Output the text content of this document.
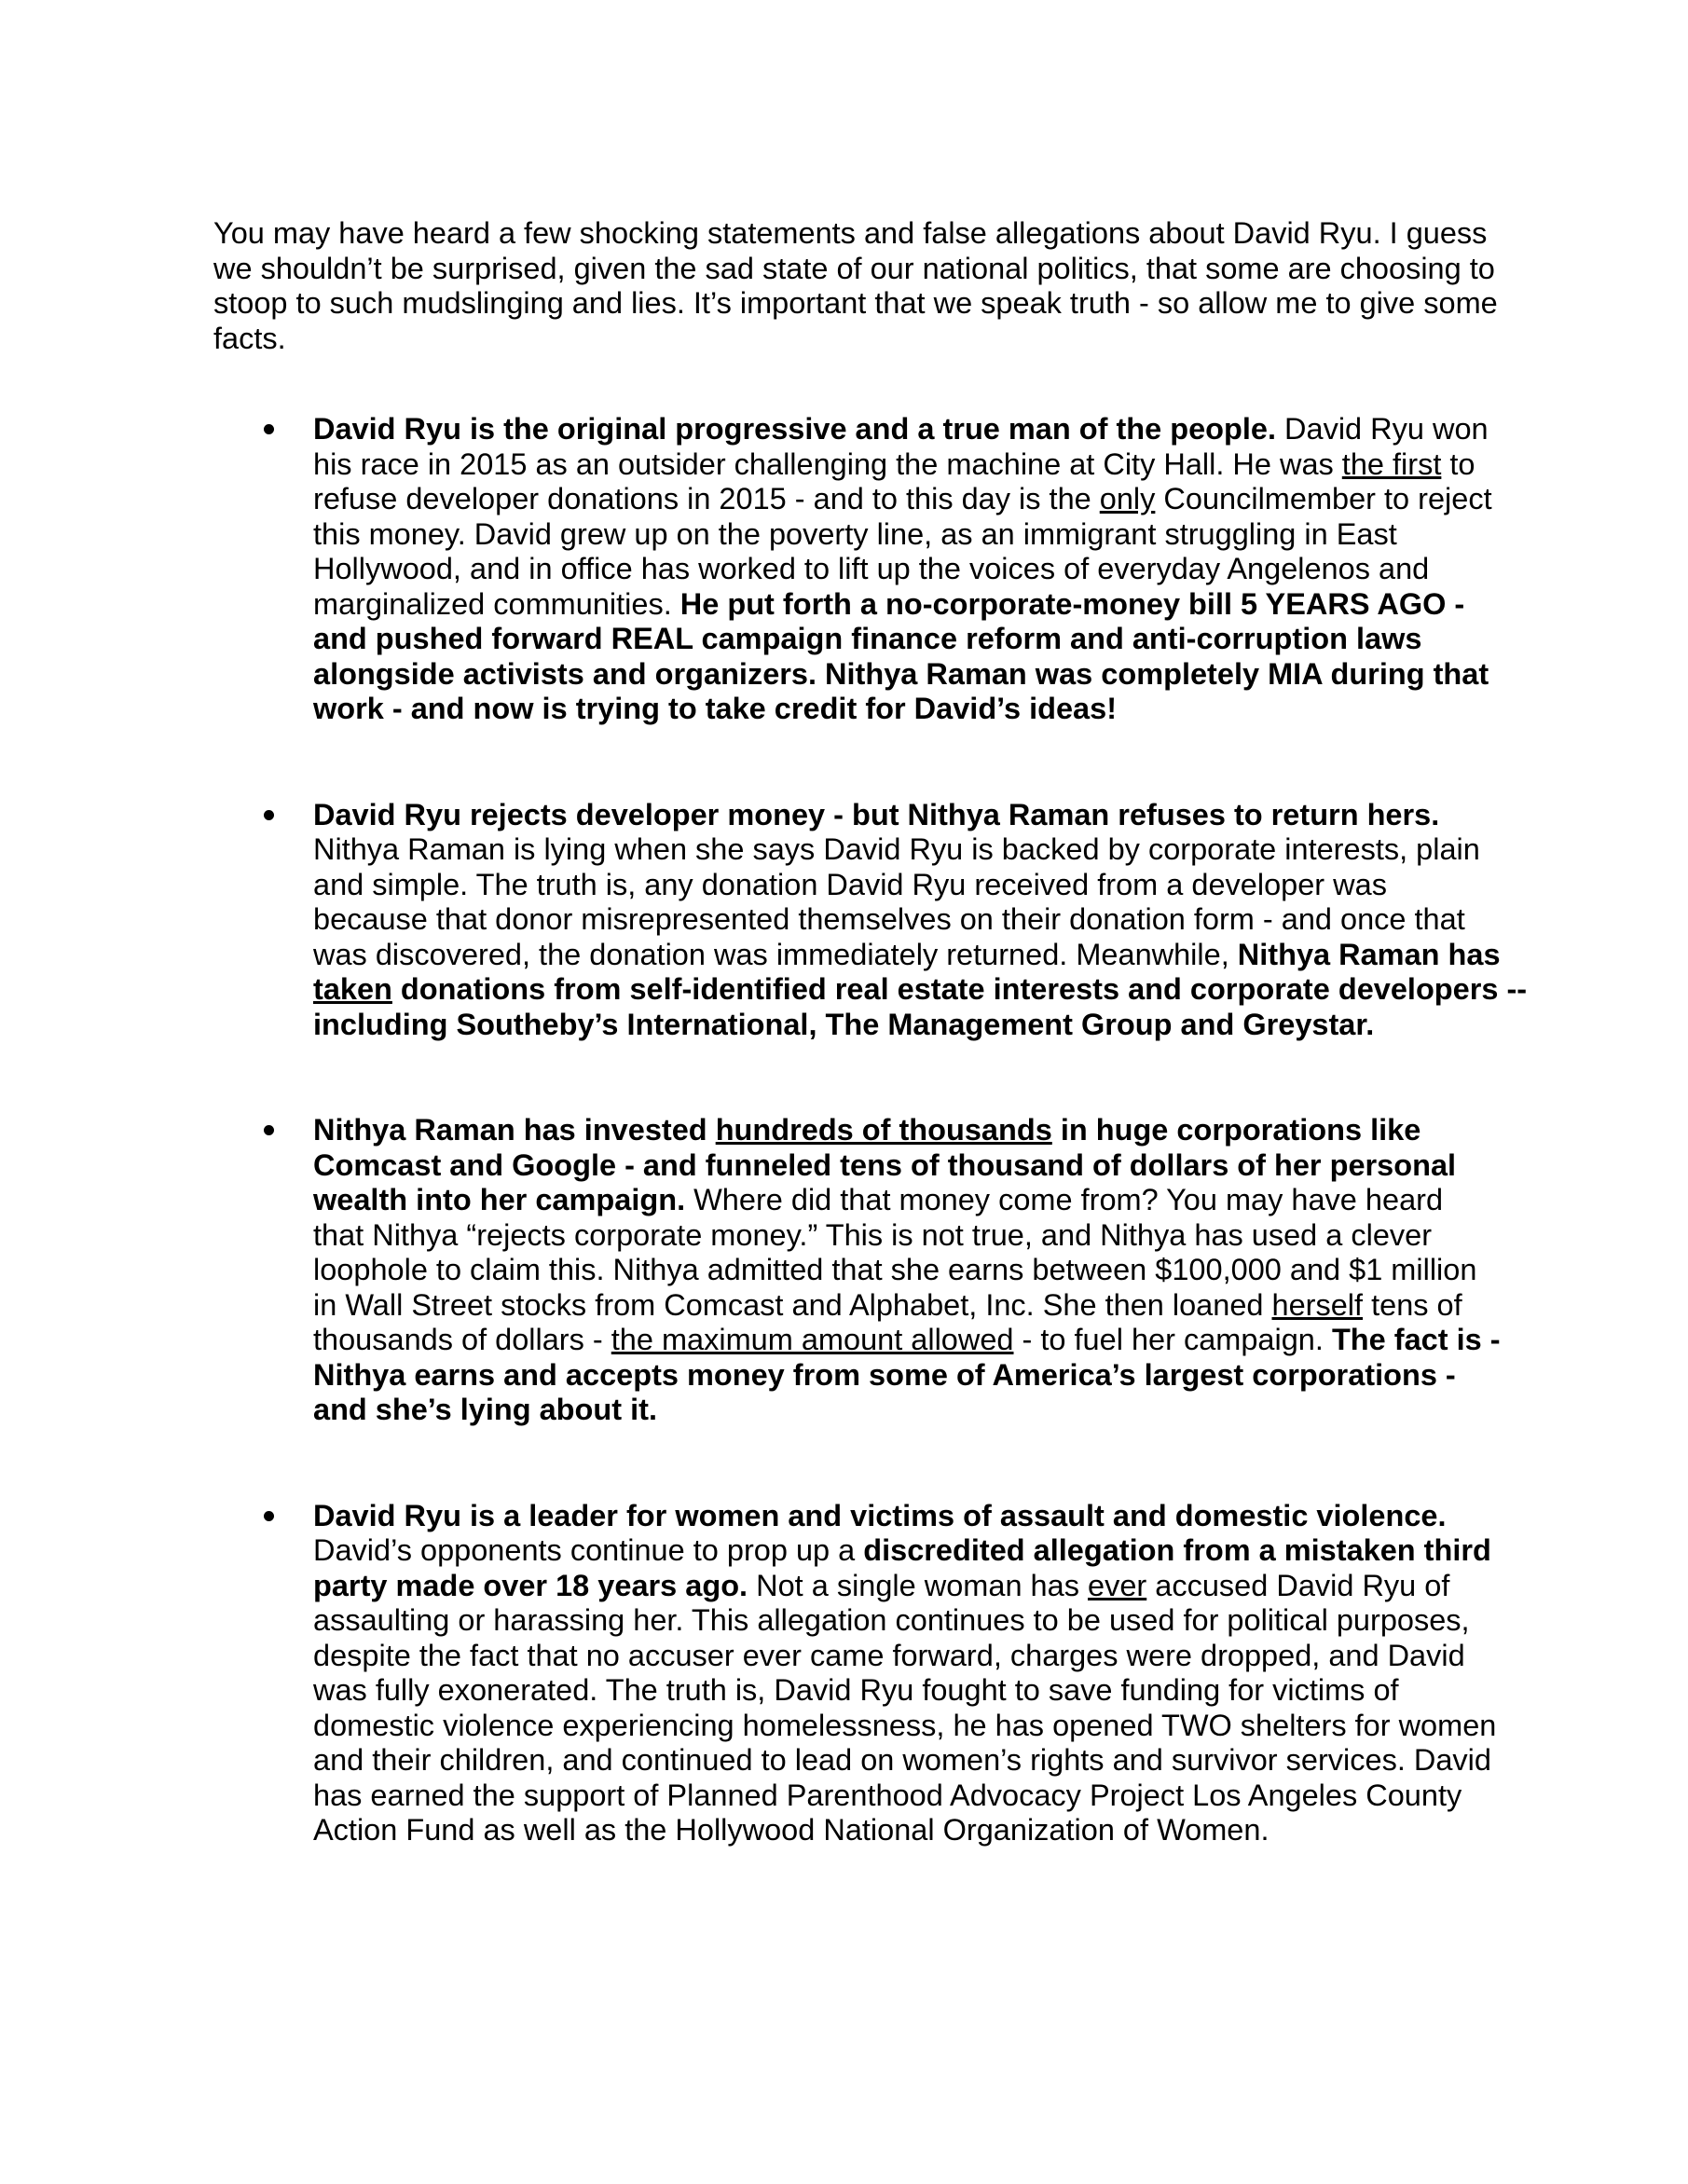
You may have heard a few shocking statements and false allegations about David Ryu. I guess
we shouldn’t be surprised, given the sad state of our national politics, that some are choosing to
stoop to such mudslinging and lies. It’s important that we speak truth - so allow me to give some
facts.
David Ryu is the original progressive and a true man of the people. David Ryu won
his race in 2015 as an outsider challenging the machine at City Hall. He was the first to
refuse developer donations in 2015 - and to this day is the only Councilmember to reject
this money. David grew up on the poverty line, as an immigrant struggling in East
Hollywood, and in office has worked to lift up the voices of everyday Angelenos and
marginalized communities. He put forth a no-corporate-money bill 5 YEARS AGO -
and pushed forward REAL campaign finance reform and anti-corruption laws
alongside activists and organizers. Nithya Raman was completely MIA during that
work - and now is trying to take credit for David’s ideas!
David Ryu rejects developer money - but Nithya Raman refuses to return hers.
Nithya Raman is lying when she says David Ryu is backed by corporate interests, plain
and simple. The truth is, any donation David Ryu received from a developer was
because that donor misrepresented themselves on their donation form - and once that
was discovered, the donation was immediately returned. Meanwhile, Nithya Raman has
taken donations from self-identified real estate interests and corporate developers --
including Southeby’s International, The Management Group and Greystar.
Nithya Raman has invested hundreds of thousands in huge corporations like
Comcast and Google - and funneled tens of thousand of dollars of her personal
wealth into her campaign. Where did that money come from? You may have heard
that Nithya “rejects corporate money.” This is not true, and Nithya has used a clever
loophole to claim this. Nithya admitted that she earns between $100,000 and $1 million
in Wall Street stocks from Comcast and Alphabet, Inc. She then loaned herself tens of
thousands of dollars - the maximum amount allowed - to fuel her campaign. The fact is -
Nithya earns and accepts money from some of America’s largest corporations -
and she’s lying about it.
David Ryu is a leader for women and victims of assault and domestic violence.
David’s opponents continue to prop up a discredited allegation from a mistaken third
party made over 18 years ago. Not a single woman has ever accused David Ryu of
assaulting or harassing her. This allegation continues to be used for political purposes,
despite the fact that no accuser ever came forward, charges were dropped, and David
was fully exonerated. The truth is, David Ryu fought to save funding for victims of
domestic violence experiencing homelessness, he has opened TWO shelters for women
and their children, and continued to lead on women’s rights and survivor services. David
has earned the support of Planned Parenthood Advocacy Project Los Angeles County
Action Fund as well as the Hollywood National Organization of Women.
